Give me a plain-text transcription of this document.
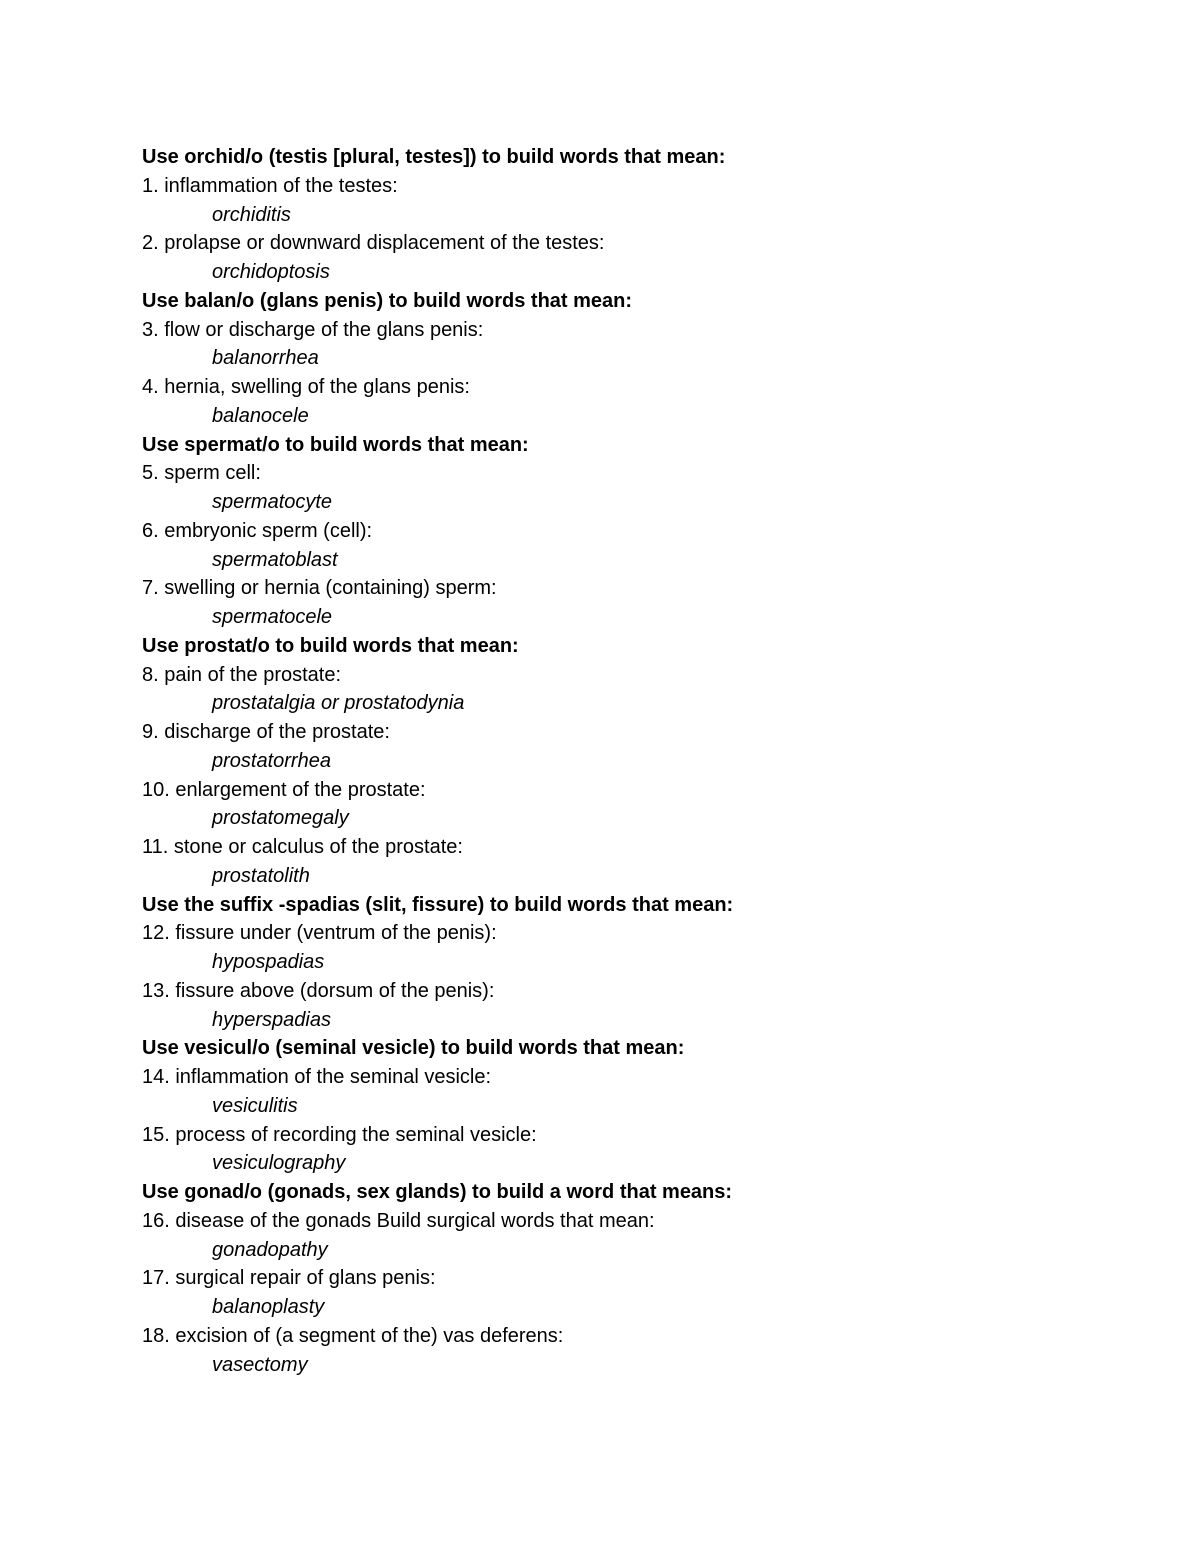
Use orchid/o (testis [plural, testes]) to build words that mean:
1. inflammation of the testes:
orchiditis
2. prolapse or downward displacement of the testes:
orchidoptosis
Use balan/o (glans penis) to build words that mean:
3. flow or discharge of the glans penis:
balanorrhea
4. hernia, swelling of the glans penis:
balanocele
Use spermat/o to build words that mean:
5. sperm cell:
spermatocyte
6. embryonic sperm (cell):
spermatoblast
7. swelling or hernia (containing) sperm:
spermatocele
Use prostat/o to build words that mean:
8. pain of the prostate:
prostatalgia or prostatodynia
9. discharge of the prostate:
prostatorrhea
10. enlargement of the prostate:
prostatomegaly
11. stone or calculus of the prostate:
prostatolith
Use the suffix -spadias (slit, fissure) to build words that mean:
12. fissure under (ventrum of the penis):
hypospadias
13. fissure above (dorsum of the penis):
hyperspadias
Use vesicul/o (seminal vesicle) to build words that mean:
14. inflammation of the seminal vesicle:
vesiculitis
15. process of recording the seminal vesicle:
vesiculography
Use gonad/o (gonads, sex glands) to build a word that means:
16. disease of the gonads Build surgical words that mean:
gonadopathy
17. surgical repair of glans penis:
balanoplasty
18. excision of (a segment of the) vas deferens:
vasectomy
